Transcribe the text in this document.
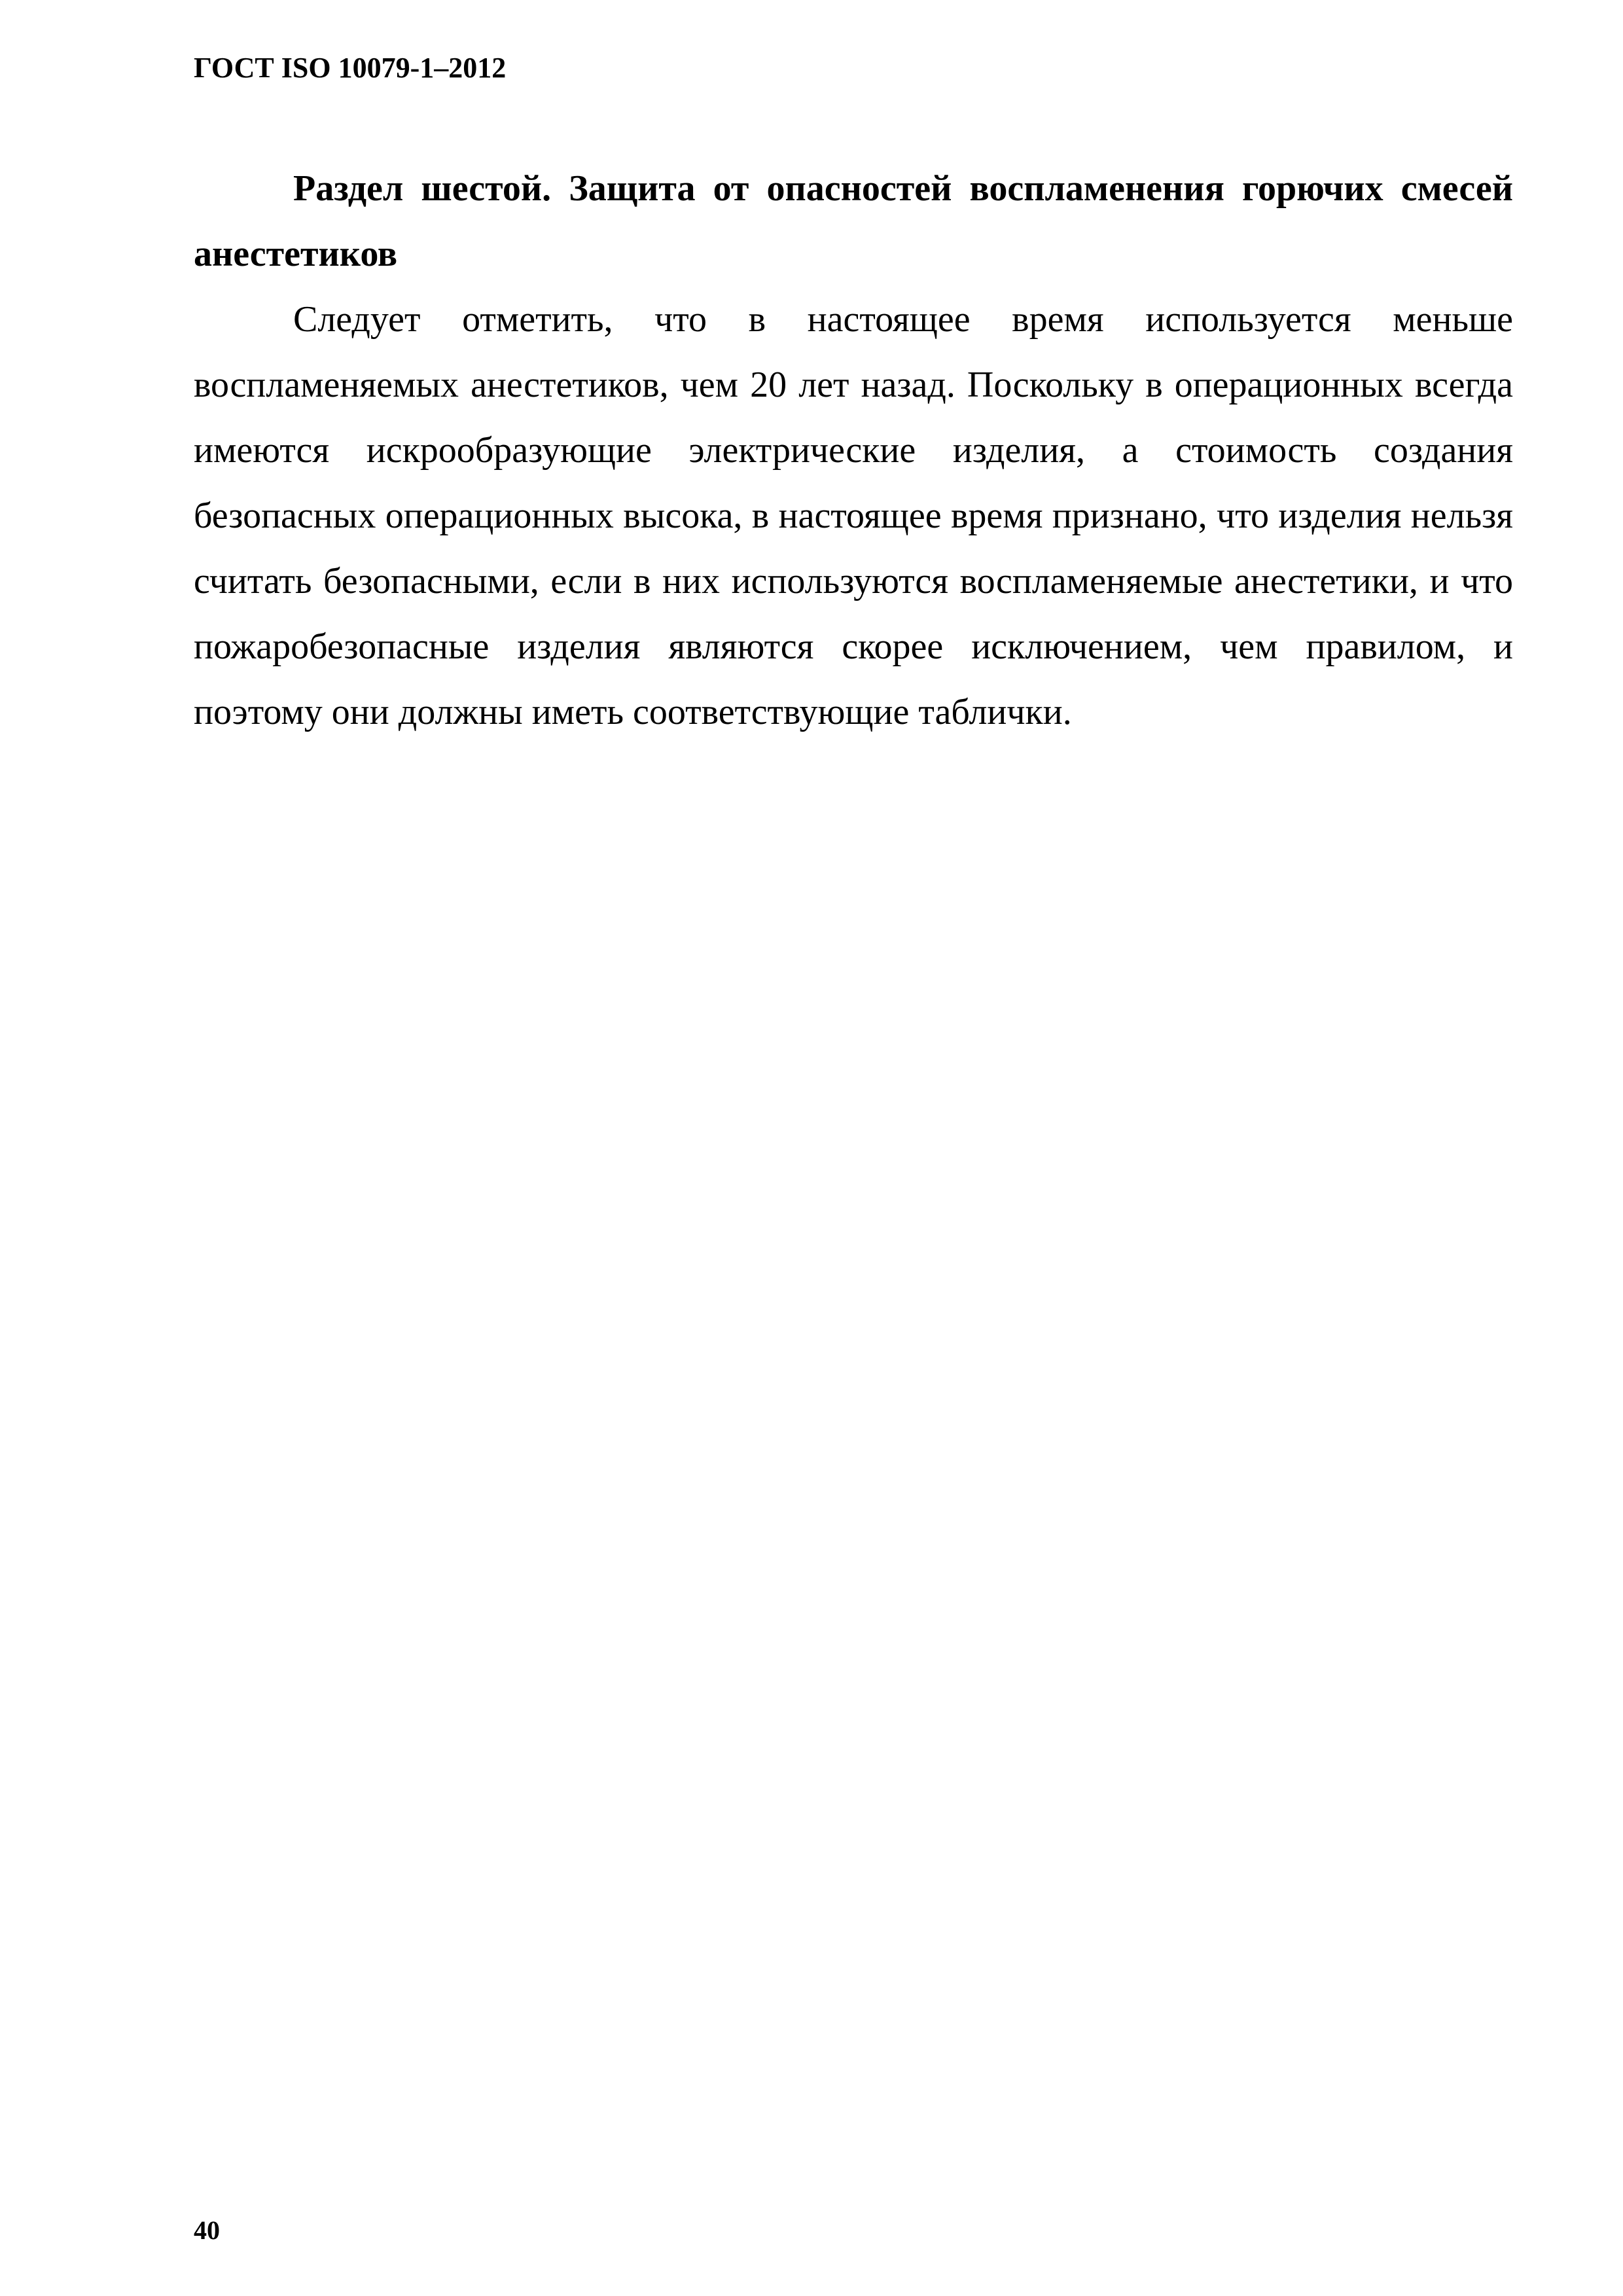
ГОСТ ISO 10079-1–2012
Раздел шестой. Защита от опасностей воспламенения горючих смесей анестетиков

Следует отметить, что в настоящее время используется меньше воспламеняемых анестетиков, чем 20 лет назад. Поскольку в операционных всегда имеются искрообразующие электрические изделия, а стоимость создания безопасных операционных высока, в настоящее время признано, что изделия нельзя считать безопасными, если в них используются воспламеняемые анестетики, и что пожаробезопасные изделия являются скорее исключением, чем правилом, и поэтому они должны иметь соответствующие таблички.

40
